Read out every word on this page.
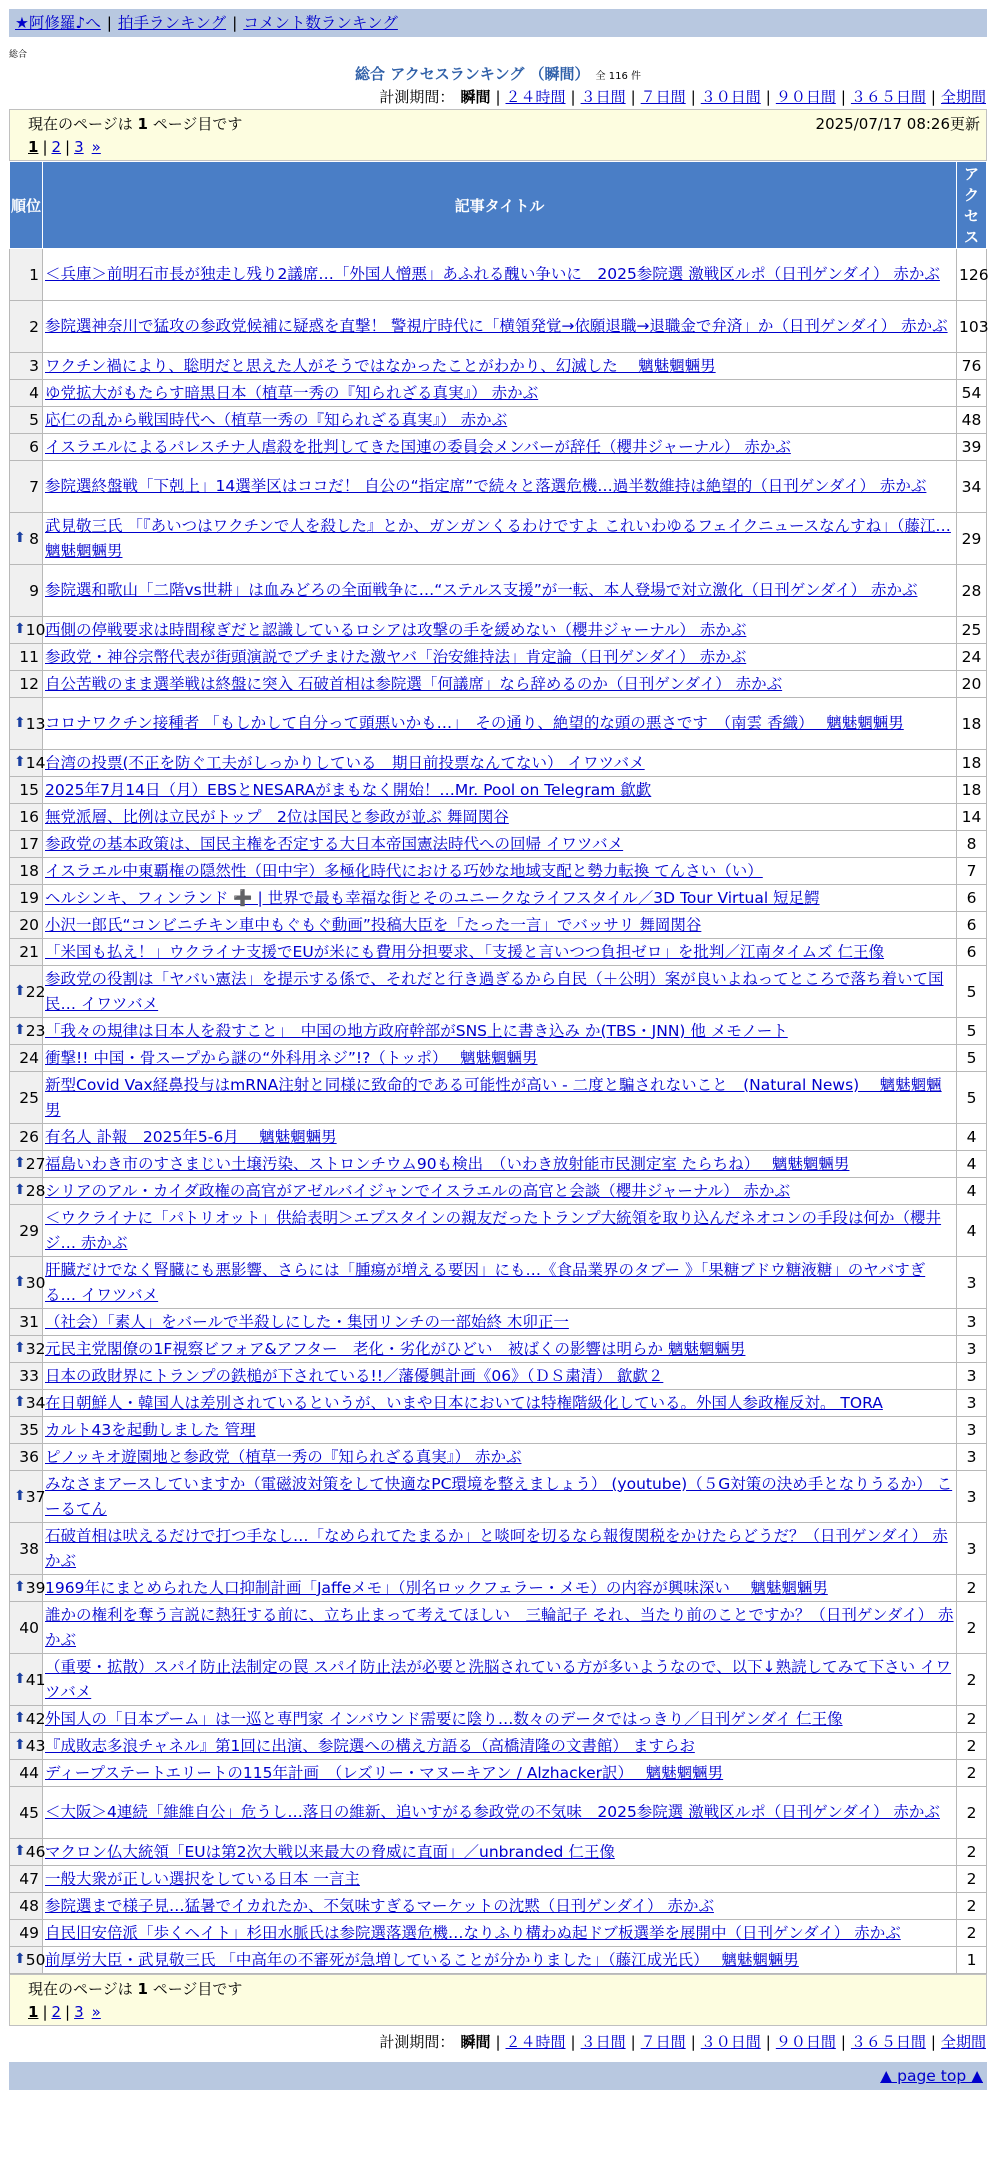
★阿修羅♪へ | 拍手ランキング | コメント数ランキング
総合
総合 アクセスランキング （瞬間） 全 116 件
計測期間： 瞬間 | ２４時間 | ３日間 | ７日間 | ３０日間 | ９０日間 | ３６５日間 | 全期間
現在のページは 1 ページ目です	2025/07/17 08:26更新
1 | 2 | 3 »
順位	記事タイトル	アクセス
1	＜兵庫＞前明石市長が独走し残り2議席…「外国人憎悪」あふれる醜い争いに　2025参院選 激戦区ルポ（日刊ゲンダイ） 赤かぶ	126
2	参院選神奈川で猛攻の参政党候補に疑惑を直撃！ 警視庁時代に「横領発覚→依願退職→退職金で弁済」か（日刊ゲンダイ） 赤かぶ	103
3	ワクチン禍により、聡明だと思えた人がそうではなかったことがわかり、幻滅した　 魑魅魍魎男	76
4	ゆ党拡大がもたらす暗黒日本（植草一秀の『知られざる真実』） 赤かぶ	54
5	応仁の乱から戦国時代へ（植草一秀の『知られざる真実』） 赤かぶ	48
6	イスラエルによるパレスチナ人虐殺を批判してきた国連の委員会メンバーが辞任（櫻井ジャーナル） 赤かぶ	39
7	参院選終盤戦「下剋上」14選挙区はココだ！ 自公の“指定席”で続々と落選危機…過半数維持は絶望的（日刊ゲンダイ） 赤かぶ	34

⬆ 8	武見敬三氏 「『あいつはワクチンで人を殺した』とか、ガンガンくるわけですよ これいわゆるフェイクニュースなんすね」（藤江… 魑魅魍魎男	29
9	参院選和歌山「二階vs世耕」は血みどろの全面戦争に…“ステルス支援”が一転、本人登場で対立激化（日刊ゲンダイ） 赤かぶ	28

⬆ 10	西側の停戦要求は時間稼ぎだと認識しているロシアは攻撃の手を緩めない（櫻井ジャーナル） 赤かぶ	25
11	参政党・神谷宗幣代表が街頭演説でブチまけた激ヤバ「治安維持法」肯定論（日刊ゲンダイ） 赤かぶ	24
12	自公苦戦のまま選挙戦は終盤に突入 石破首相は参院選「何議席」なら辞めるのか（日刊ゲンダイ） 赤かぶ	20

⬆ 13	コロナワクチン接種者 「もしかして自分って頭悪いかも…」　その通り、絶望的な頭の悪さです　（南雲 香織）　 魑魅魍魎男	18

⬆ 14	台湾の投票(不正を防ぐ工夫がしっかりしている　期日前投票なんてない） イワツバメ	18
15	2025年7月14日（月）EBSとNESARAがまもなく開始！…Mr. Pool on Telegram 歙歔	18
16	無党派層、比例は立民がトップ　2位は国民と参政が並ぶ 舞岡関谷	14
17	参政党の基本政策は、国民主権を否定する大日本帝国憲法時代への回帰 イワツバメ	8
18	イスラエル中東覇権の隠然性（田中宇）多極化時代における巧妙な地域支配と勢力転換 てんさい（い）	7
19	ヘルシンキ、フィンランド ➕ | 世界で最も幸福な街とそのユニークなライフスタイル／3D Tour Virtual 短足鰐	6
20	小沢一郎氏“コンビニチキン車中もぐもぐ動画”投稿大臣を「たった一言」でバッサリ 舞岡関谷	6
21	「米国も払え！」ウクライナ支援でEUが米にも費用分担要求、「支援と言いつつ負担ゼロ」を批判／江南タイムズ 仁王像	6

⬆ 22	参政党の役割は「ヤバい憲法」を提示する係で、それだと行き過ぎるから自民（＋公明）案が良いよねってところで落ち着いて国民… イワツバメ	5

⬆ 23	「我々の規律は日本人を殺すこと」　中国の地方政府幹部がSNS上に書き込み か(TBS・JNN) 他 メモノート	5
24	衝撃!! 中国・骨スープから謎の“外科用ネジ”!?（トッポ）　 魑魅魍魎男	5
25	新型Covid Vax経鼻投与はmRNA注射と同様に致命的である可能性が高い - 二度と騙されないこと　(Natural News)　 魑魅魍魎男	5
26	有名人 訃報　2025年5-6月　 魑魅魍魎男	4

⬆ 27	福島いわき市のすさまじい土壌汚染、ストロンチウム90も検出　（いわき放射能市民測定室 たらちね）　 魑魅魍魎男	4

⬆ 28	シリアのアル・カイダ政権の高官がアゼルバイジャンでイスラエルの高官と会談（櫻井ジャーナル） 赤かぶ	4
29	＜ウクライナに「パトリオット」供給表明＞エプスタインの親友だったトランプ大統領を取り込んだネオコンの手段は何か（櫻井ジ… 赤かぶ	4

⬆ 30	肝臓だけでなく腎臓にも悪影響、さらには「腫瘍が増える要因」にも…《食品業界のタブー 》「果糖ブドウ糖液糖」のヤバすぎる… イワツバメ	3
31	（社会）「素人」をバールで半殺しにした・集団リンチの一部始終 木卯正一	3

⬆ 32	元民主党閣僚の1F視察ビフォア&アフター　老化・劣化がひどい　被ばくの影響は明らか 魑魅魍魎男	3
33	日本の政財界にトランプの鉄槌が下されている!!／藩優興計画《06》（ＤＳ粛清） 歙歔２	3

⬆ 34	在日朝鮮人・韓国人は差別されているというが、いまや日本においては特権階級化している。外国人参政権反対。 TORA	3
35	カルト43を起動しました 管理	3
36	ピノッキオ遊園地と参政党（植草一秀の『知られざる真実』） 赤かぶ	3

⬆ 37	みなさまアースしていますか（電磁波対策をして快適なPC環境を整えましょう） (youtube)（５G対策の決め手となりうるか） こーるてん	3
38	石破首相は吠えるだけで打つ手なし…「なめられてたまるか」と啖呵を切るなら報復関税をかけたらどうだ？（日刊ゲンダイ） 赤かぶ	3

⬆ 39	1969年にまとめられた人口抑制計画「Jaffeメモ」（別名ロックフェラー・メモ）の内容が興味深い　 魑魅魍魎男	2
40	誰かの権利を奪う言説に熱狂する前に、立ち止まって考えてほしい　三輪記子 それ、当たり前のことですか？（日刊ゲンダイ） 赤かぶ	2

⬆ 41	（重要・拡散）スパイ防止法制定の罠 スパイ防止法が必要と洗脳されている方が多いようなので、以下↓熟読してみて下さい イワツバメ	2

⬆ 42	外国人の「日本ブーム」は一巡と専門家 インバウンド需要に陰り…数々のデータではっきり／日刊ゲンダイ 仁王像	2

⬆ 43	『成敗志多浪チャネル』第1回に出演、参院選への構え方語る（高橋清隆の文書館） ますらお	2
44	ディープステートエリートの115年計画　（レズリー・マヌーキアン / Alzhacker訳）　 魑魅魍魎男	2
45	＜大阪＞4連続「維維自公」危うし…落日の維新、追いすがる参政党の不気味　2025参院選 激戦区ルポ（日刊ゲンダイ） 赤かぶ	2

⬆ 46	マクロン仏大統領「EUは第2次大戦以来最大の脅威に直面」／unbranded 仁王像	2
47	一般大衆が正しい選択をしている日本 一言主	2
48	参院選まで様子見…猛暑でイカれたか、不気味すぎるマーケットの沈黙（日刊ゲンダイ） 赤かぶ	2
49	自民旧安倍派「歩くヘイト」杉田水脈氏は参院選落選危機…なりふり構わぬ起ドブ板選挙を展開中（日刊ゲンダイ） 赤かぶ	2

⬆ 50	前厚労大臣・武見敬三氏 「中高年の不審死が急増していることが分かりました」（藤江成光氏）　 魑魅魍魎男	1
現在のページは 1 ページ目です
1 | 2 | 3 »
計測期間： 瞬間 | ２４時間 | ３日間 | ７日間 | ３０日間 | ９０日間 | ３６５日間 | 全期間
▲ page top ▲
